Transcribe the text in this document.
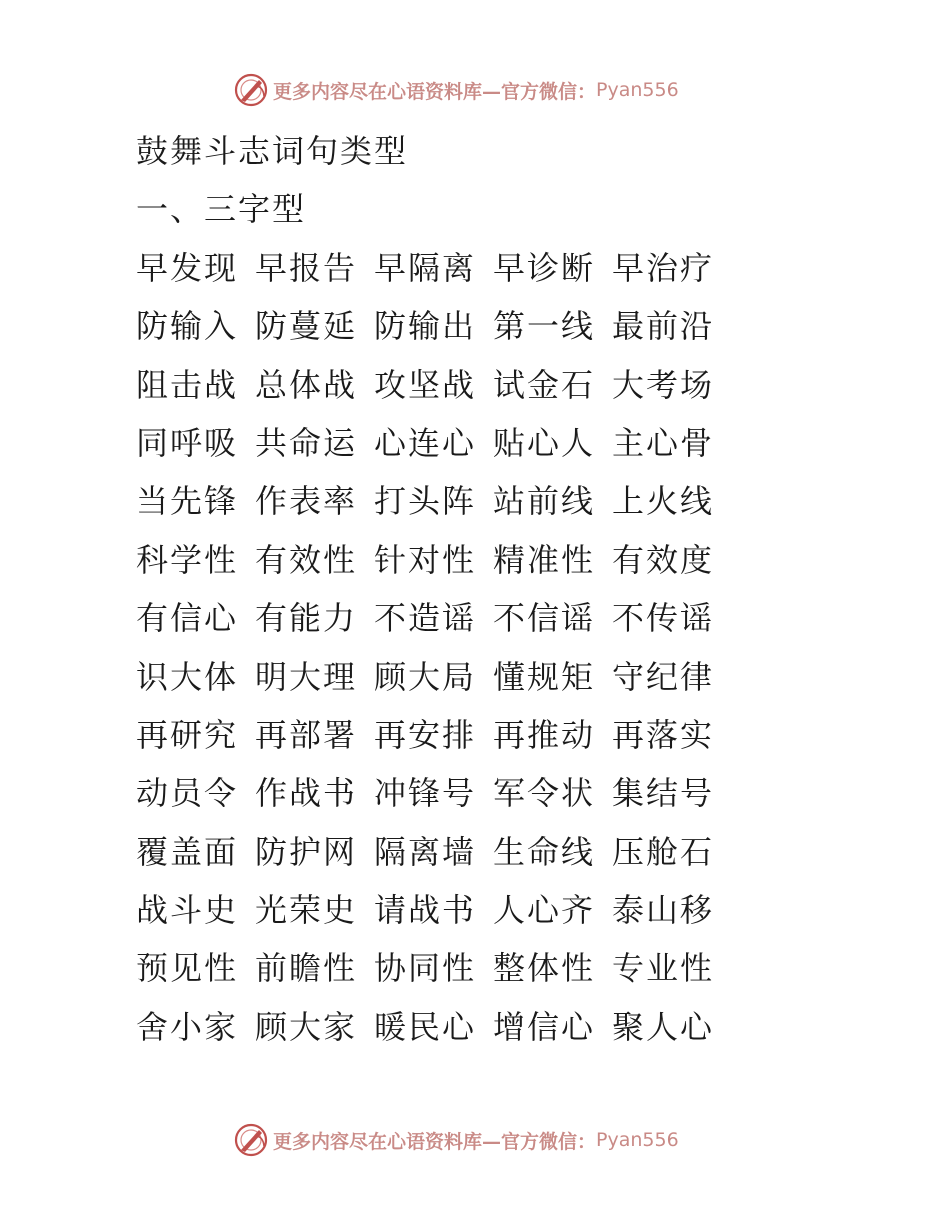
更多内容尽在心语资料库—官方微信： Pyan556
鼓舞斗志词句类型
一、三字型
早发现 早报告 早隔离 早诊断 早治疗
防输入 防蔓延 防输出 第一线 最前沿
阻击战 总体战 攻坚战 试金石 大考场
同呼吸 共命运 心连心 贴心人 主心骨
当先锋 作表率 打头阵 站前线 上火线
科学性 有效性 针对性 精准性 有效度
有信心 有能力 不造谣 不信谣 不传谣
识大体 明大理 顾大局 懂规矩 守纪律
再研究 再部署 再安排 再推动 再落实
动员令 作战书 冲锋号 军令状 集结号
覆盖面 防护网 隔离墙 生命线 压舱石
战斗史 光荣史 请战书 人心齐 泰山移
预见性 前瞻性 协同性 整体性 专业性
舍小家 顾大家 暖民心 增信心 聚人心
更多内容尽在心语资料库—官方微信： Pyan556
